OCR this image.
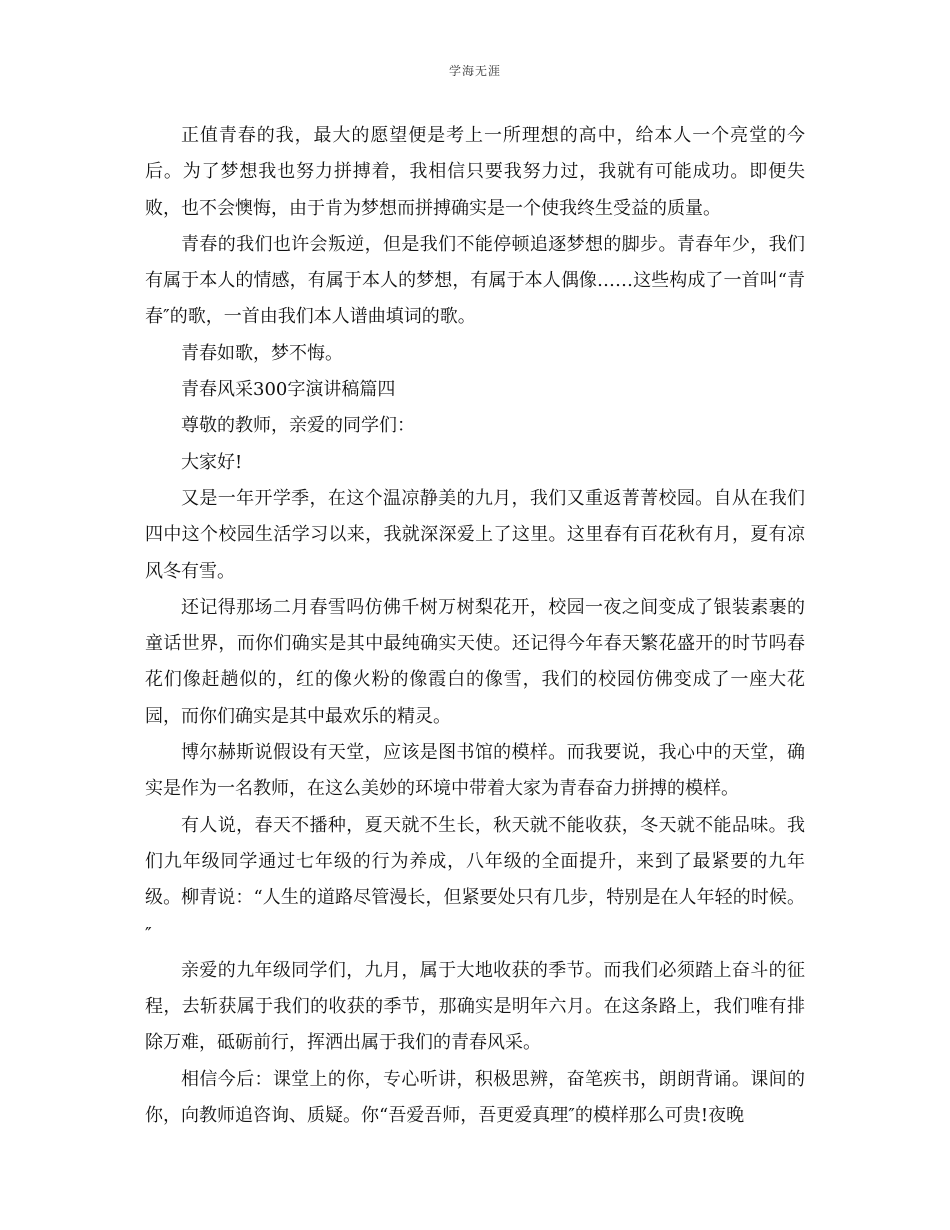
学海无涯

正值青春的我，最大的愿望便是考上一所理想的高中，给本人一个亮堂的今后。为了梦想我也努力拼搏着，我相信只要我努力过，我就有可能成功。即便失败，也不会懊悔，由于肯为梦想而拼搏确实是一个使我终生受益的质量。

青春的我们也许会叛逆，但是我们不能停顿追逐梦想的脚步。青春年少，我们有属于本人的情感，有属于本人的梦想，有属于本人偶像……这些构成了一首叫“青春″的歌，一首由我们本人谱曲填词的歌。

青春如歌，梦不悔。

青春风采300字演讲稿篇四

尊敬的教师，亲爱的同学们：

大家好!

又是一年开学季，在这个温凉静美的九月，我们又重返菁菁校园。自从在我们四中这个校园生活学习以来，我就深深爱上了这里。这里春有百花秋有月，夏有凉风冬有雪。

还记得那场二月春雪吗仿佛千树万树梨花开，校园一夜之间变成了银装素裹的童话世界，而你们确实是其中最纯确实天使。还记得今年春天繁花盛开的时节吗春花们像赶趟似的，红的像火粉的像霞白的像雪，我们的校园仿佛变成了一座大花园，而你们确实是其中最欢乐的精灵。

博尔赫斯说假设有天堂，应该是图书馆的模样。而我要说，我心中的天堂，确实是作为一名教师，在这么美妙的环境中带着大家为青春奋力拼搏的模样。

有人说，春天不播种，夏天就不生长，秋天就不能收获，冬天就不能品味。我们九年级同学通过七年级的行为养成，八年级的全面提升，来到了最紧要的九年级。柳青说：“人生的道路尽管漫长，但紧要处只有几步，特别是在人年轻的时候。″

亲爱的九年级同学们，九月，属于大地收获的季节。而我们必须踏上奋斗的征程，去斩获属于我们的收获的季节，那确实是明年六月。在这条路上，我们唯有排除万难，砥砺前行，挥洒出属于我们的青春风采。

相信今后：课堂上的你，专心听讲，积极思辨，奋笔疾书，朗朗背诵。课间的你，向教师追咨询、质疑。你“吾爱吾师，吾更爱真理″的模样那么可贵!夜晚
